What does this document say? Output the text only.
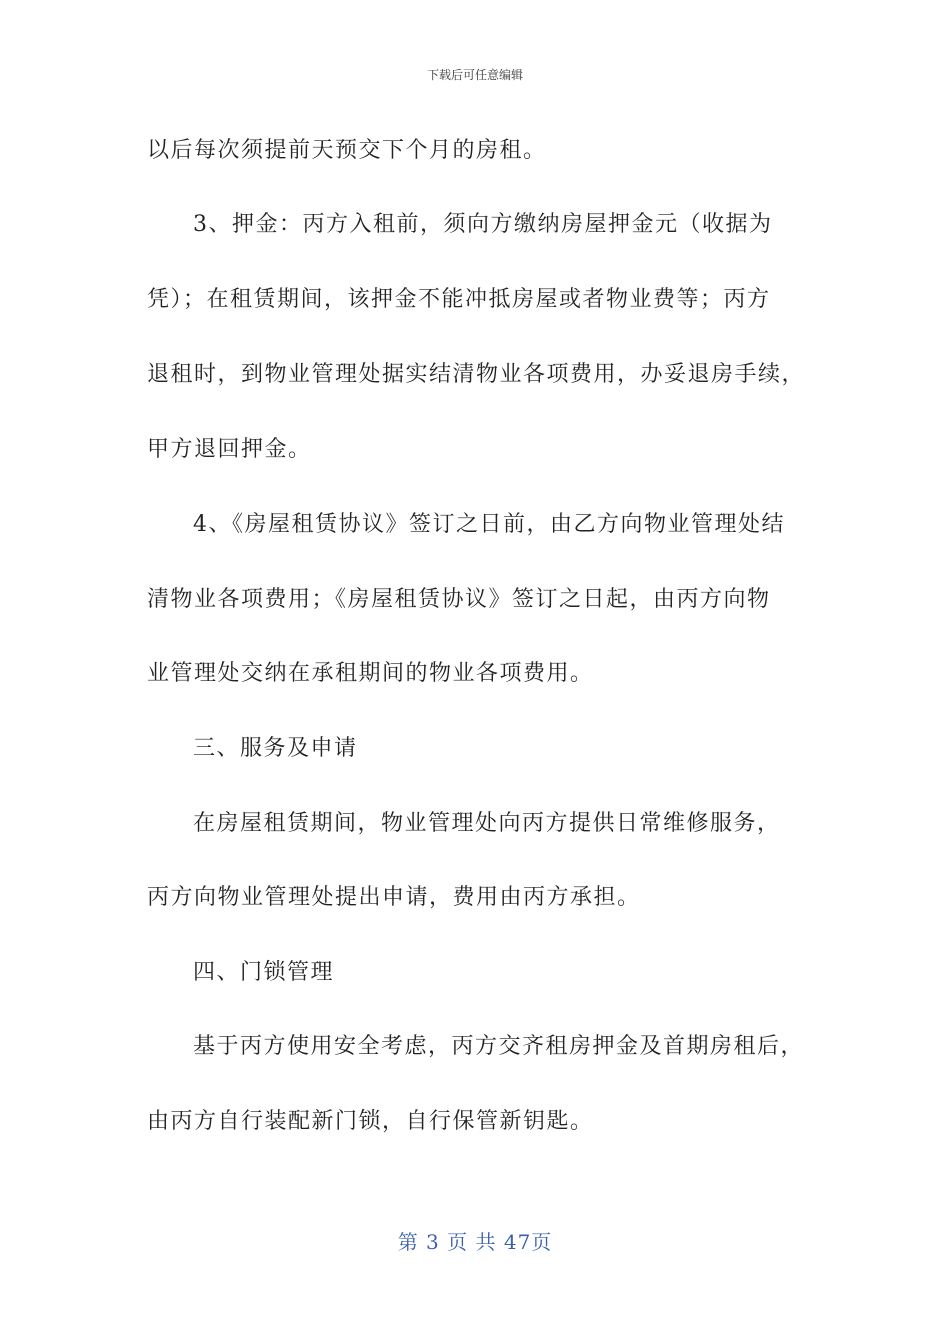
下载后可任意编辑
以后每次须提前天预交下个月的房租。
3、押金：丙方入租前，须向方缴纳房屋押金元（收据为
凭）；在租赁期间，该押金不能冲抵房屋或者物业费等；丙方
退租时，到物业管理处据实结清物业各项费用，办妥退房手续，
甲方退回押金。
4、《房屋租赁协议》签订之日前，由乙方向物业管理处结
清物业各项费用；《房屋租赁协议》签订之日起，由丙方向物
业管理处交纳在承租期间的物业各项费用。
三、服务及申请
在房屋租赁期间，物业管理处向丙方提供日常维修服务，
丙方向物业管理处提出申请，费用由丙方承担。
四、门锁管理
基于丙方使用安全考虑，丙方交齐租房押金及首期房租后，
由丙方自行装配新门锁，自行保管新钥匙。
第 3 页 共 47页
